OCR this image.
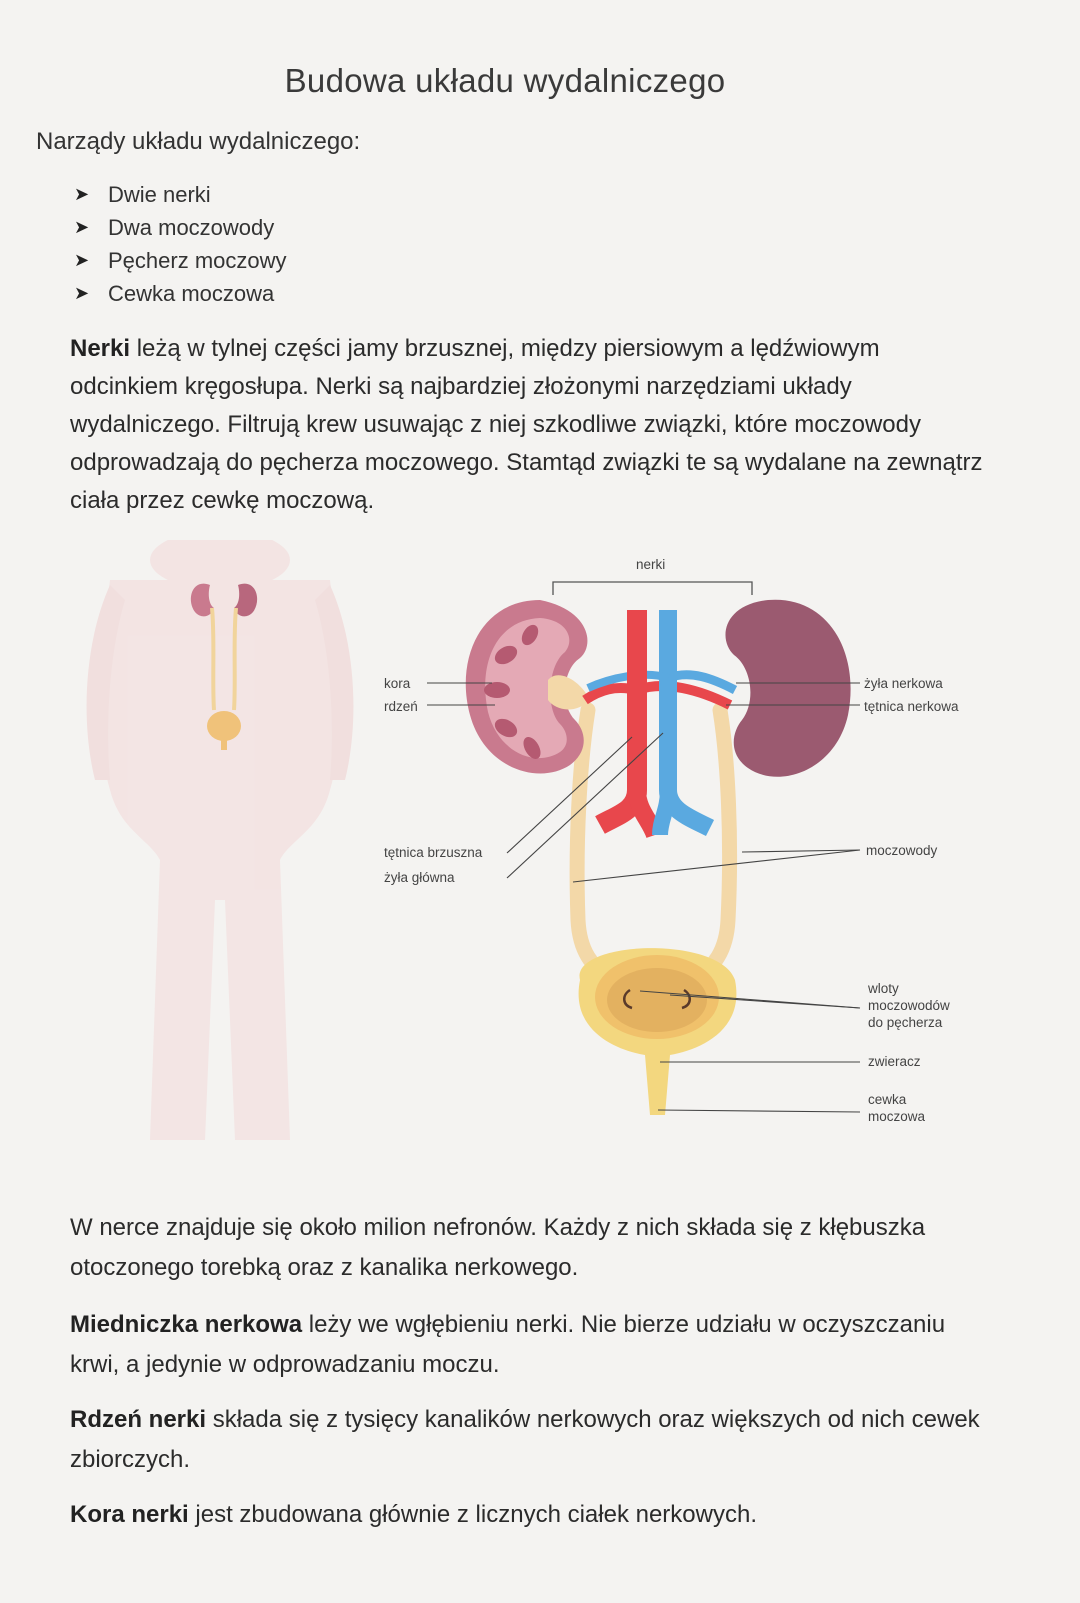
Budowa układu wydalniczego
Narządy układu wydalniczego:
➤ Dwie nerki
➤ Dwa moczowody
➤ Pęcherz moczowy
➤ Cewka moczowa
Nerki leżą w tylnej części jamy brzusznej, między piersiowym a lędźwiowym odcinkiem kręgosłupa. Nerki są najbardziej złożonymi narzędziami układy wydalniczego. Filtrują krew usuwając z niej szkodliwe związki, które moczowody odprowadzają do pęcherza moczowego. Stamtąd związki te są wydalane na zewnątrz ciała przez cewkę moczową.
nerki
kora
rdzeń
żyła nerkowa
tętnica nerkowa
tętnica brzuszna
żyła główna
moczowody
wloty
moczowodów
do pęcherza
zwieracz
cewka
moczowa
W nerce znajduje się około milion nefronów. Każdy z nich składa się z kłębuszka otoczonego torebką oraz z kanalika nerkowego.
Miedniczka nerkowa leży we wgłębieniu nerki. Nie bierze udziału w oczyszczaniu krwi, a jedynie w odprowadzaniu moczu.
Rdzeń nerki składa się z tysięcy kanalików nerkowych oraz większych od nich cewek zbiorczych.
Kora nerki jest zbudowana głównie z licznych ciałek nerkowych.
